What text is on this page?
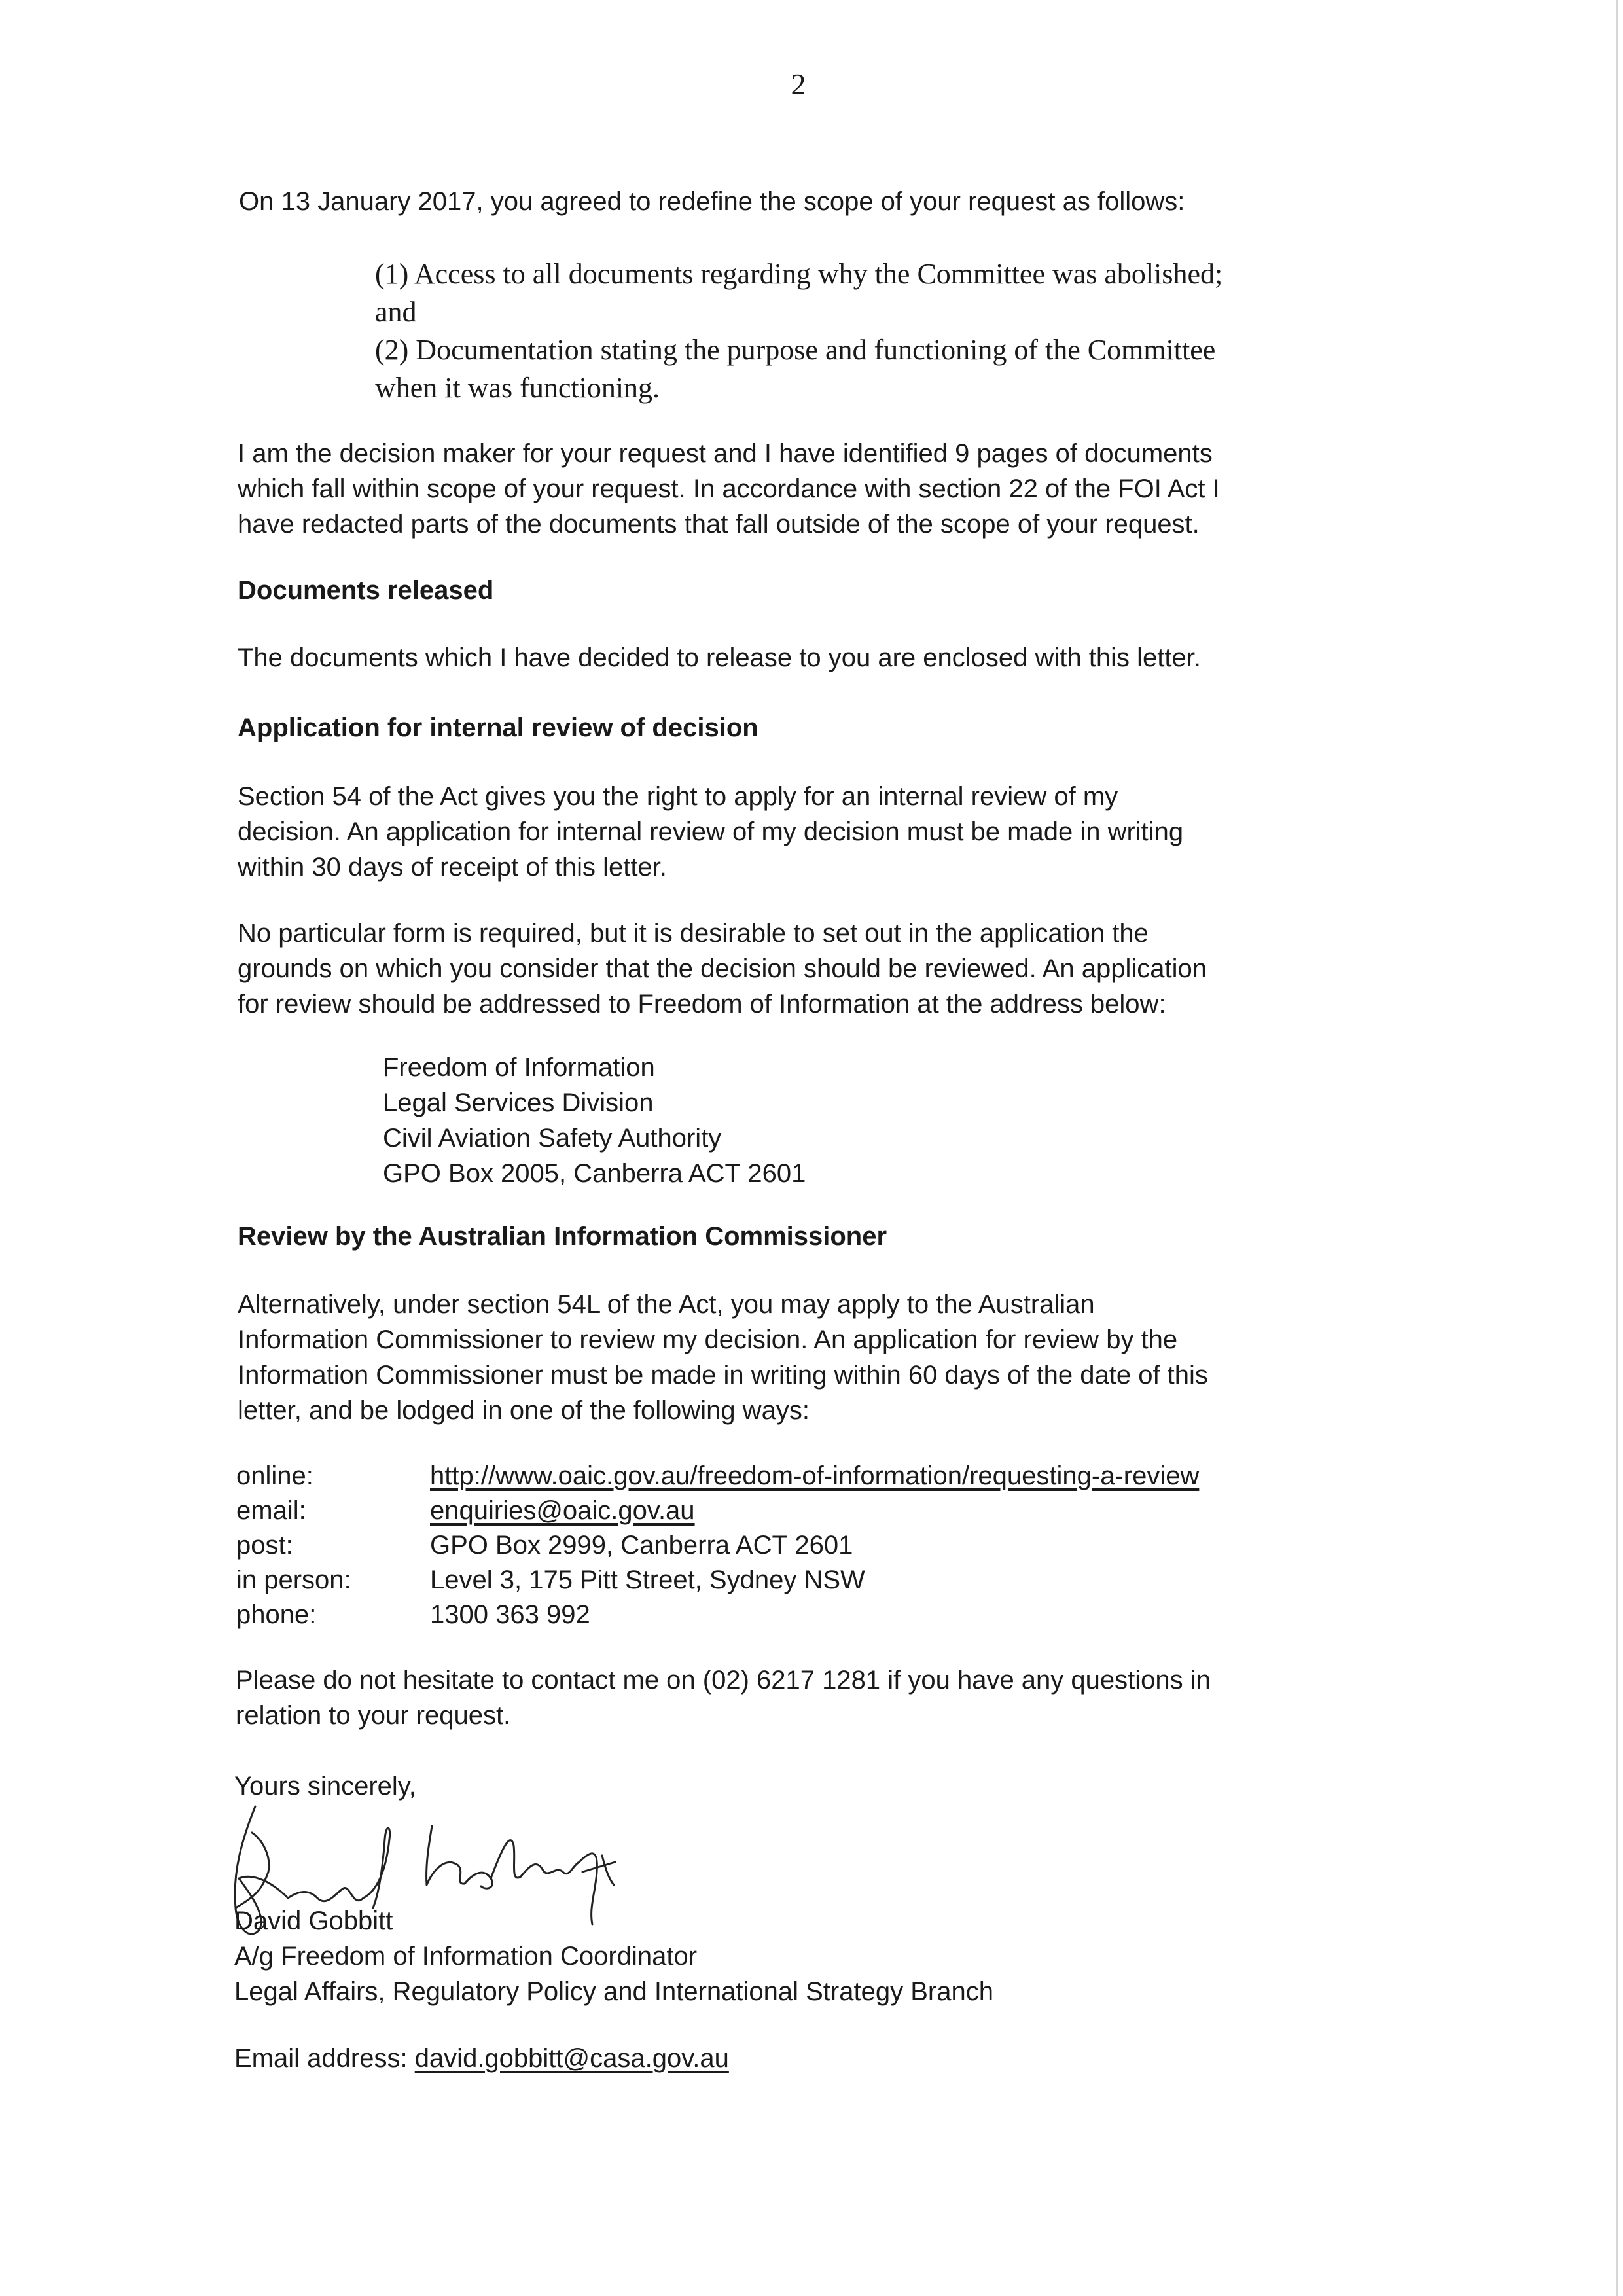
2
On 13 January 2017, you agreed to redefine the scope of your request as follows:
(1) Access to all documents regarding why the Committee was abolished;
and
(2) Documentation stating the purpose and functioning of the Committee
when it was functioning.
I am the decision maker for your request and I have identified 9 pages of documents
which fall within scope of your request. In accordance with section 22 of the FOI Act I
have redacted parts of the documents that fall outside of the scope of your request.
Documents released
The documents which I have decided to release to you are enclosed with this letter.
Application for internal review of decision
Section 54 of the Act gives you the right to apply for an internal review of my
decision. An application for internal review of my decision must be made in writing
within 30 days of receipt of this letter.
No particular form is required, but it is desirable to set out in the application the
grounds on which you consider that the decision should be reviewed. An application
for review should be addressed to Freedom of Information at the address below:
Freedom of Information
Legal Services Division
Civil Aviation Safety Authority
GPO Box 2005, Canberra ACT 2601
Review by the Australian Information Commissioner
Alternatively, under section 54L of the Act, you may apply to the Australian
Information Commissioner to review my decision. An application for review by the
Information Commissioner must be made in writing within 60 days of the date of this
letter, and be lodged in one of the following ways:
online:	http://www.oaic.gov.au/freedom-of-information/requesting-a-review
email:	enquiries@oaic.gov.au
post:	GPO Box 2999, Canberra ACT 2601
in person:	Level 3, 175 Pitt Street, Sydney NSW
phone:	1300 363 992
Please do not hesitate to contact me on (02) 6217 1281 if you have any questions in
relation to your request.
Yours sincerely,
David Gobbitt
A/g Freedom of Information Coordinator
Legal Affairs, Regulatory Policy and International Strategy Branch
Email address: david.gobbitt@casa.gov.au
